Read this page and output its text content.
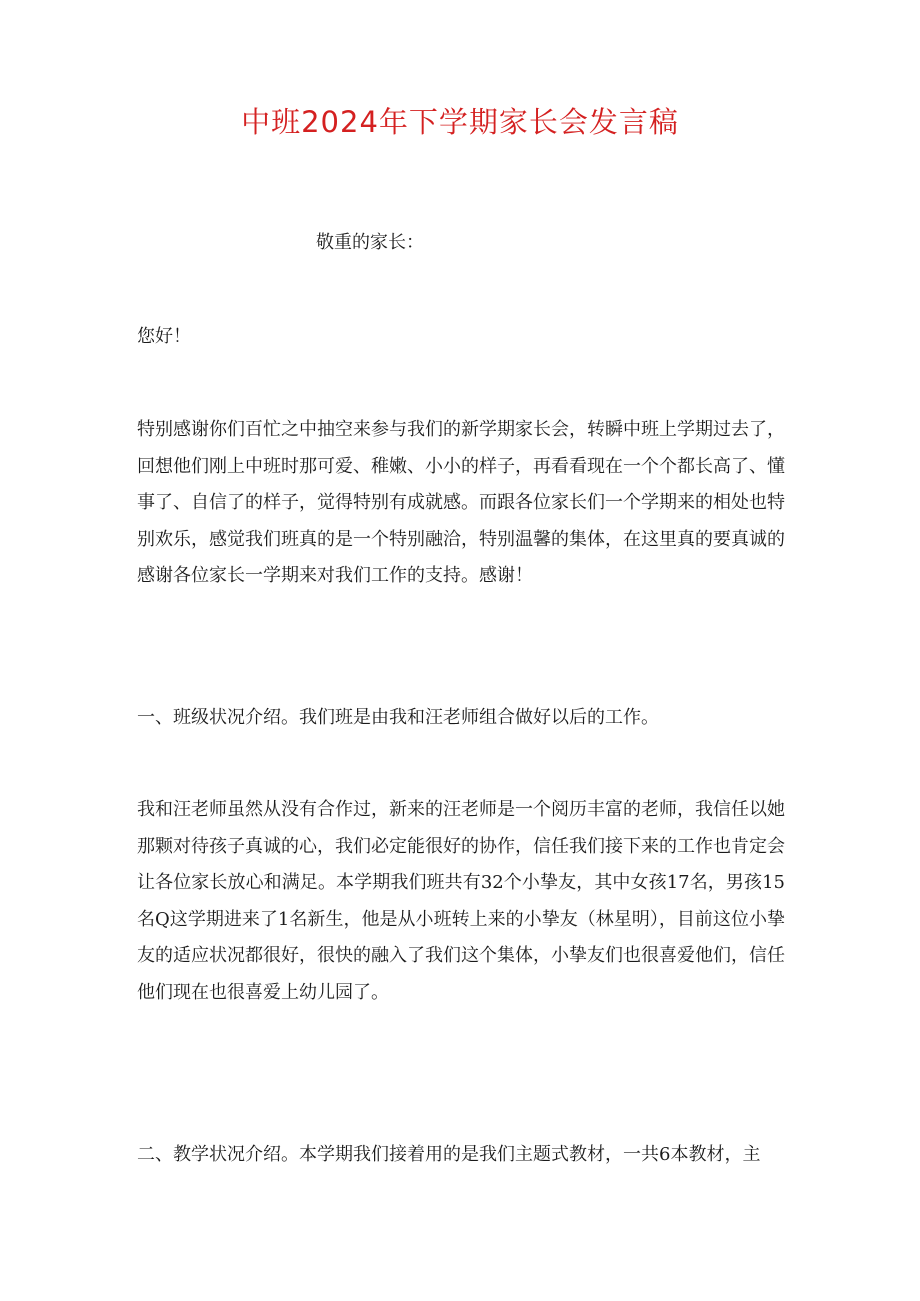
中班2024年下学期家长会发言稿

敬重的家长：

您好！

特别感谢你们百忙之中抽空来参与我们的新学期家长会，转瞬中班上学期过去了，回想他们刚上中班时那可爱、稚嫩、小小的样子，再看看现在一个个都长高了、懂事了、自信了的样子，觉得特别有成就感。而跟各位家长们一个学期来的相处也特别欢乐，感觉我们班真的是一个特别融洽，特别温馨的集体，在这里真的要真诚的感谢各位家长一学期来对我们工作的支持。感谢！

一、班级状况介绍。我们班是由我和汪老师组合做好以后的工作。

我和汪老师虽然从没有合作过，新来的汪老师是一个阅历丰富的老师，我信任以她那颗对待孩子真诚的心，我们必定能很好的协作，信任我们接下来的工作也肯定会让各位家长放心和满足。本学期我们班共有32个小挚友，其中女孩17名，男孩15名Q这学期进来了1名新生，他是从小班转上来的小挚友（林星明），目前这位小挚友的适应状况都很好，很快的融入了我们这个集体，小挚友们也很喜爱他们，信任他们现在也很喜爱上幼儿园了。

二、教学状况介绍。本学期我们接着用的是我们主题式教材，一共6本教材，主
